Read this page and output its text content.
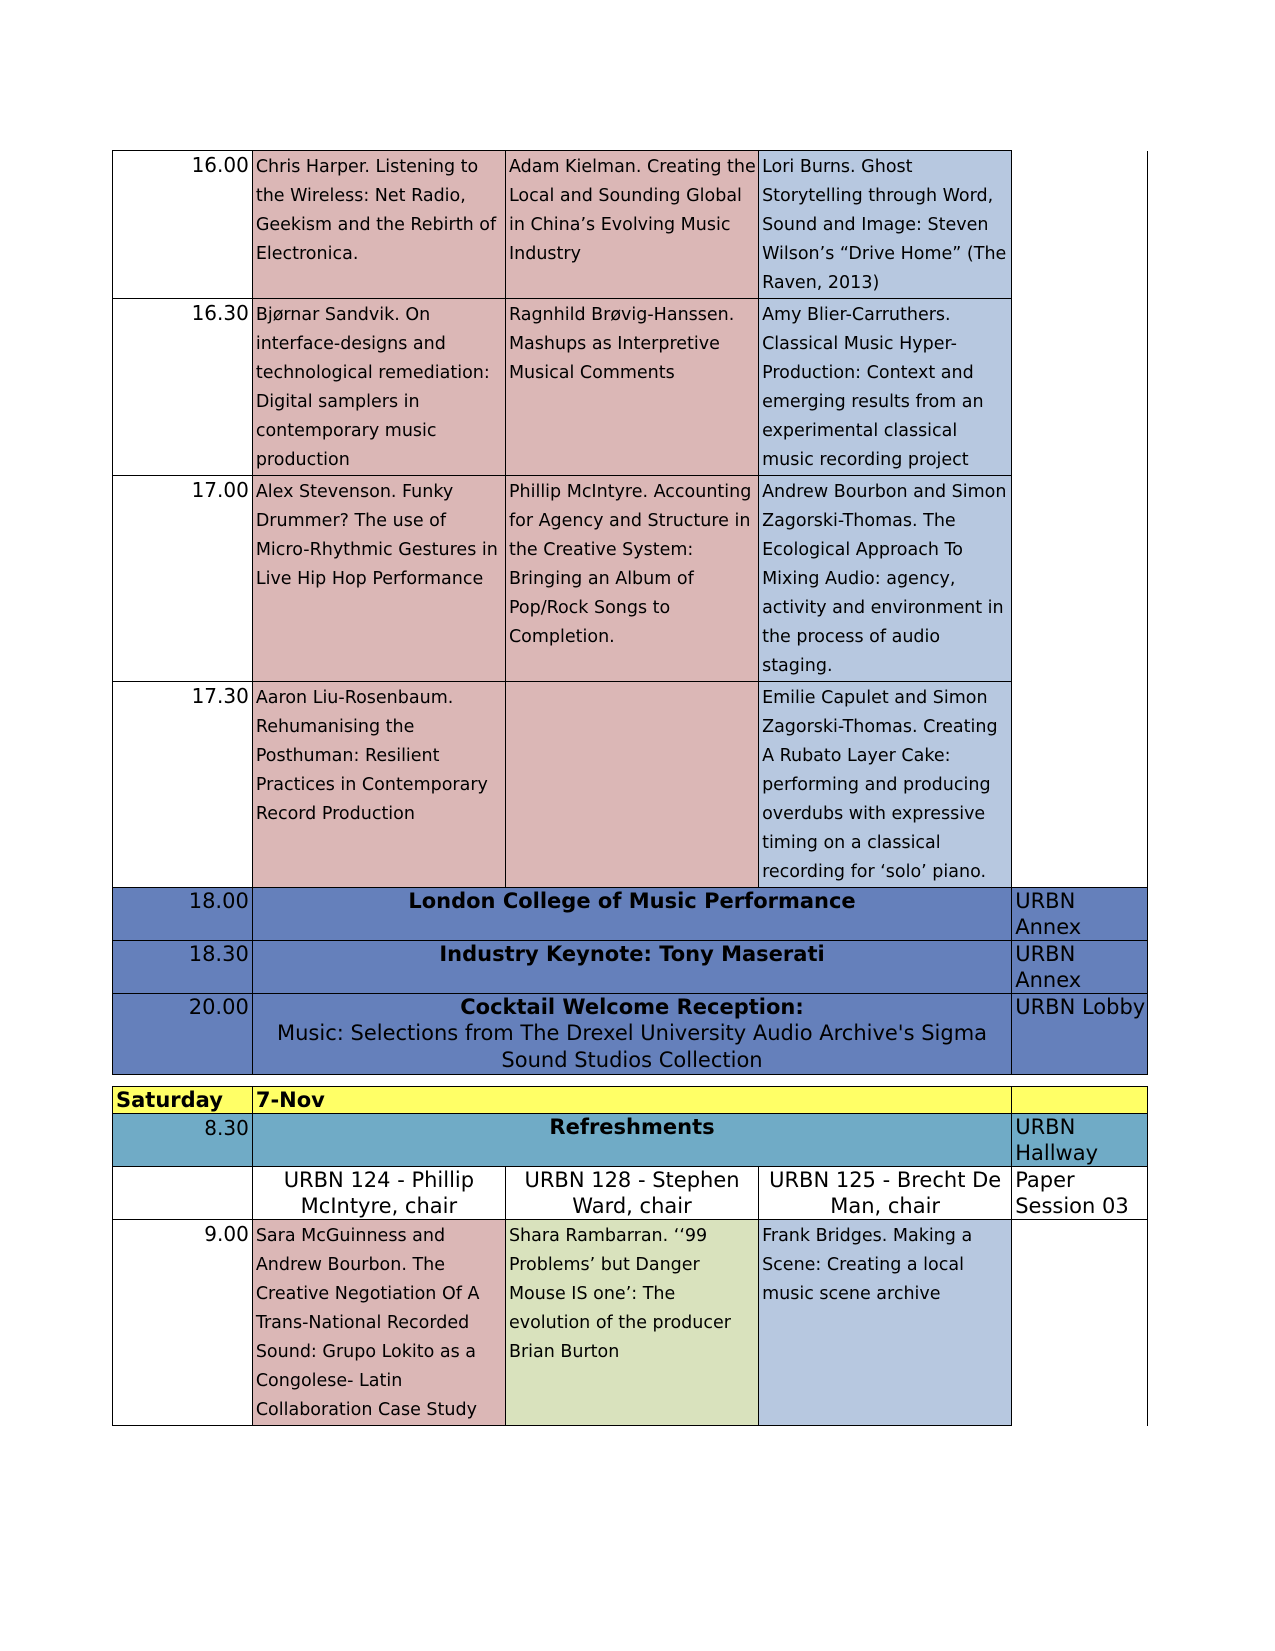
16.00	Chris Harper. Listening to the Wireless: Net Radio, Geekism and the Rebirth of Electronica.	Adam Kielman. Creating the Local and Sounding Global in China’s Evolving Music Industry	Lori Burns. Ghost Storytelling through Word, Sound and Image: Steven Wilson’s “Drive Home” (The Raven, 2013)	
16.30	Bjørnar Sandvik. On interface-designs and technological remediation: Digital samplers in contemporary music production	Ragnhild Brøvig-Hanssen. Mashups as Interpretive Musical Comments	Amy Blier-Carruthers. Classical Music Hyper-Production: Context and emerging results from an experimental classical music recording project	
17.00	Alex Stevenson. Funky Drummer? The use of Micro-Rhythmic Gestures in Live Hip Hop Performance	Phillip McIntyre. Accounting for Agency and Structure in the Creative System: Bringing an Album of Pop/Rock Songs to Completion.	Andrew Bourbon and Simon Zagorski-Thomas. The Ecological Approach To Mixing Audio: agency, activity and environment in the process of audio staging.	
17.30	Aaron Liu-Rosenbaum. Rehumanising the Posthuman: Resilient Practices in Contemporary Record Production		Emilie Capulet and Simon Zagorski-Thomas. Creating A Rubato Layer Cake: performing and producing overdubs with expressive timing on a classical recording for ‘solo’ piano.	
18.00	London College of Music Performance			URBN Annex
18.30	Industry Keynote: Tony Maserati			URBN Annex
20.00	Cocktail Welcome Reception:
Music: Selections from The Drexel University Audio Archive's Sigma Sound Studios Collection			URBN Lobby
Saturday	7-Nov			
8.30	Refreshments			URBN Hallway
	URBN 124 - Phillip McIntyre, chair	URBN 128 - Stephen Ward, chair	URBN 125 - Brecht De Man, chair	Paper Session 03
9.00	Sara McGuinness and Andrew Bourbon. The Creative Negotiation Of A Trans-National Recorded Sound: Grupo Lokito as a Congolese- Latin Collaboration Case Study	Shara Rambarran. ‘‘99 Problems’ but Danger Mouse IS one’: The evolution of the producer Brian Burton	Frank Bridges. Making a Scene: Creating a local music scene archive	
